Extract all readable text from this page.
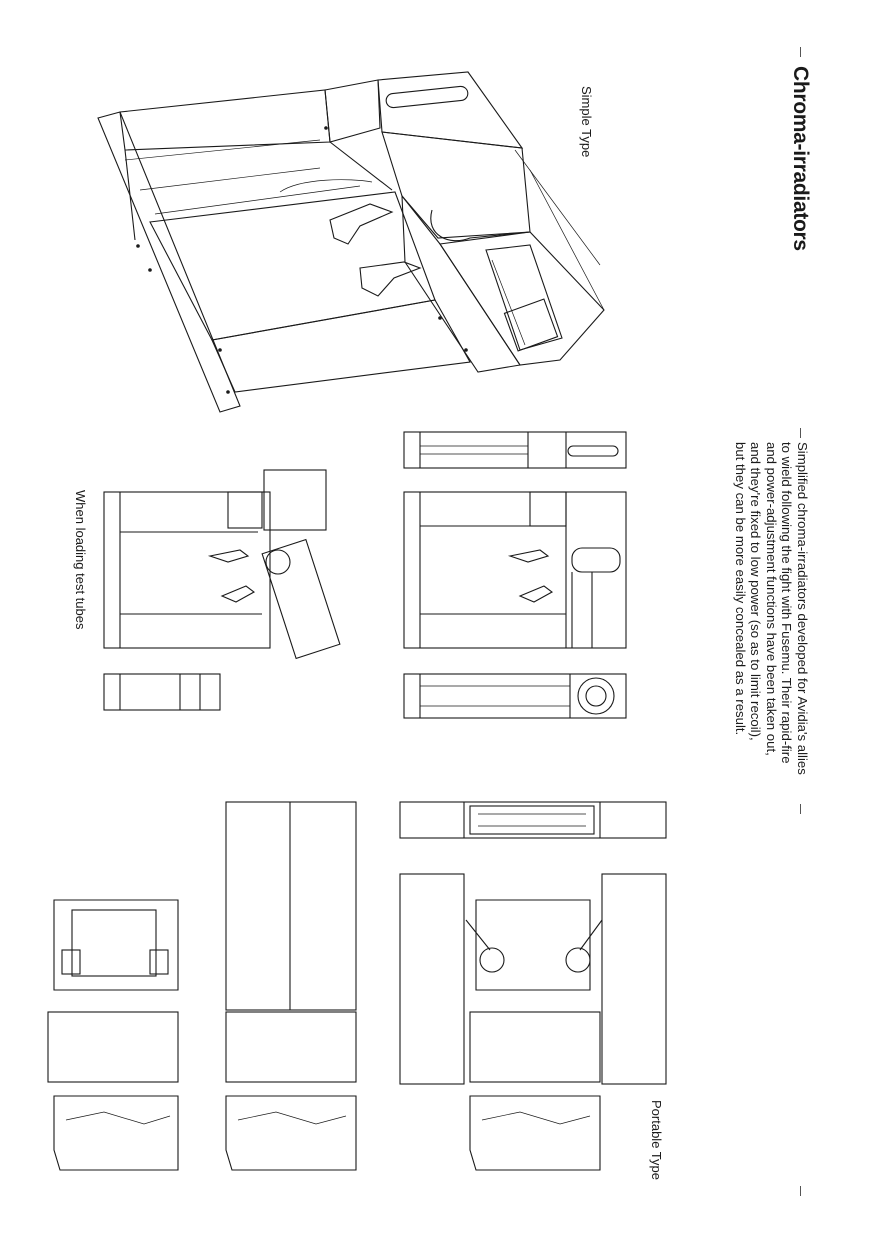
Chroma-irradiators
Simple Type
When loading test tubes
Portable Type

Simplified chroma-irradiators developed for Avidia's allies

to wield following the fight with Fusemu. Their rapid-fire

and power-adjustment functions have been taken out,

and they're fixed to low power (so as to limit recoil),

but they can be more easily concealed as a result.
